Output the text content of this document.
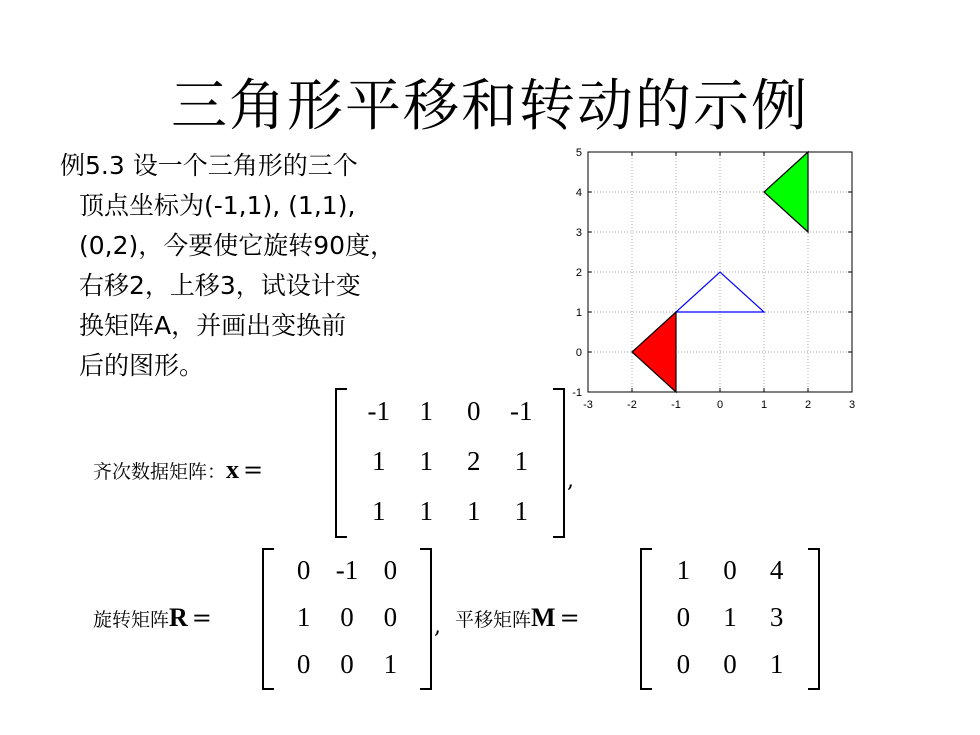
三角形平移和转动的示例
例5.3 设一个三角形的三个
顶点坐标为(-1,1), (1,1),
(0,2)，今要使它旋转90度，
右移2，上移3，试设计变
换矩阵A，并画出变换前
后的图形。
-3	-2	-1	0	1	2	3
-1
0
1
2
3
4
5
齐次数据矩阵：x =
-1	1	0	-1
1	1	2	1
1	1	1	1
,
旋转矩阵R =
0 -1 0
1	0	0
0	0	1
, 平移矩阵M =
1	0	4
0	1	3
0	0	1
